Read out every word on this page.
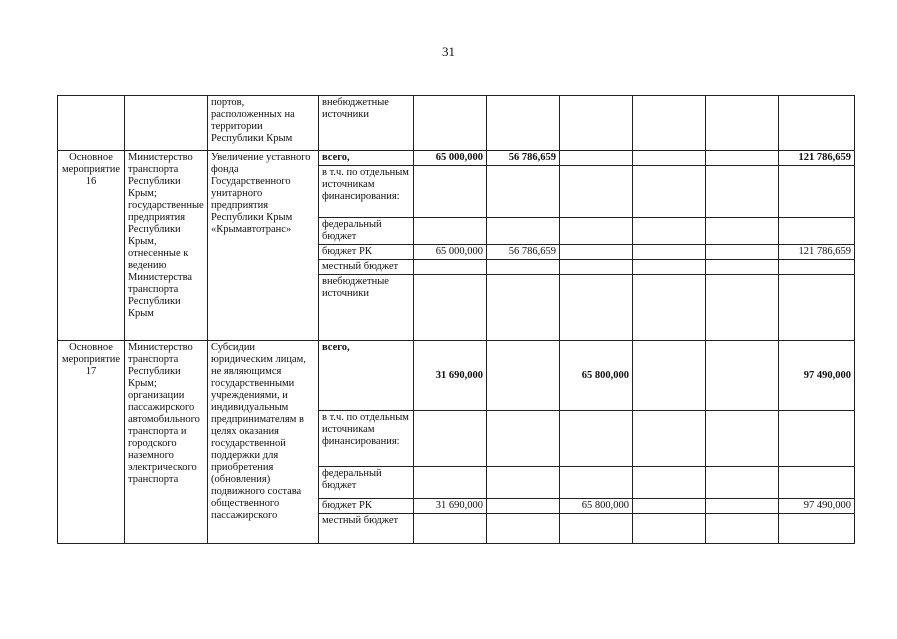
31
		портов, расположенных на территории Республики Крым	внебюджетные источники						
Основное мероприятие 16	Министерство транспорта Республики Крым; государственные предприятия Республики Крым, отнесенные к ведению Министерства транспорта Республики Крым	Увеличение уставного фонда Государственного унитарного предприятия Республики Крым «Крымавтотранс»	всего,	65 000,000	56 786,659				121 786,659
			в т.ч. по отдельным источникам финансирования:						
			федеральный бюджет						
			бюджет РК	65 000,000	56 786,659				121 786,659
			местный бюджет						
			внебюджетные источники						
Основное мероприятие 17	Министерство транспорта Республики Крым; организации пассажирского автомобильного транспорта и городского наземного электрического транспорта	Субсидии юридическим лицам, не являющимся государственными учреждениями, и индивидуальным предпринимателям в целях оказания государственной поддержки для приобретения (обновления) подвижного состава общественного пассажирского	всего,	31 690,000		65 800,000			97 490,000
			в т.ч. по отдельным источникам финансирования:						
			федеральный бюджет						
			бюджет РК	31 690,000		65 800,000			97 490,000
			местный бюджет						
